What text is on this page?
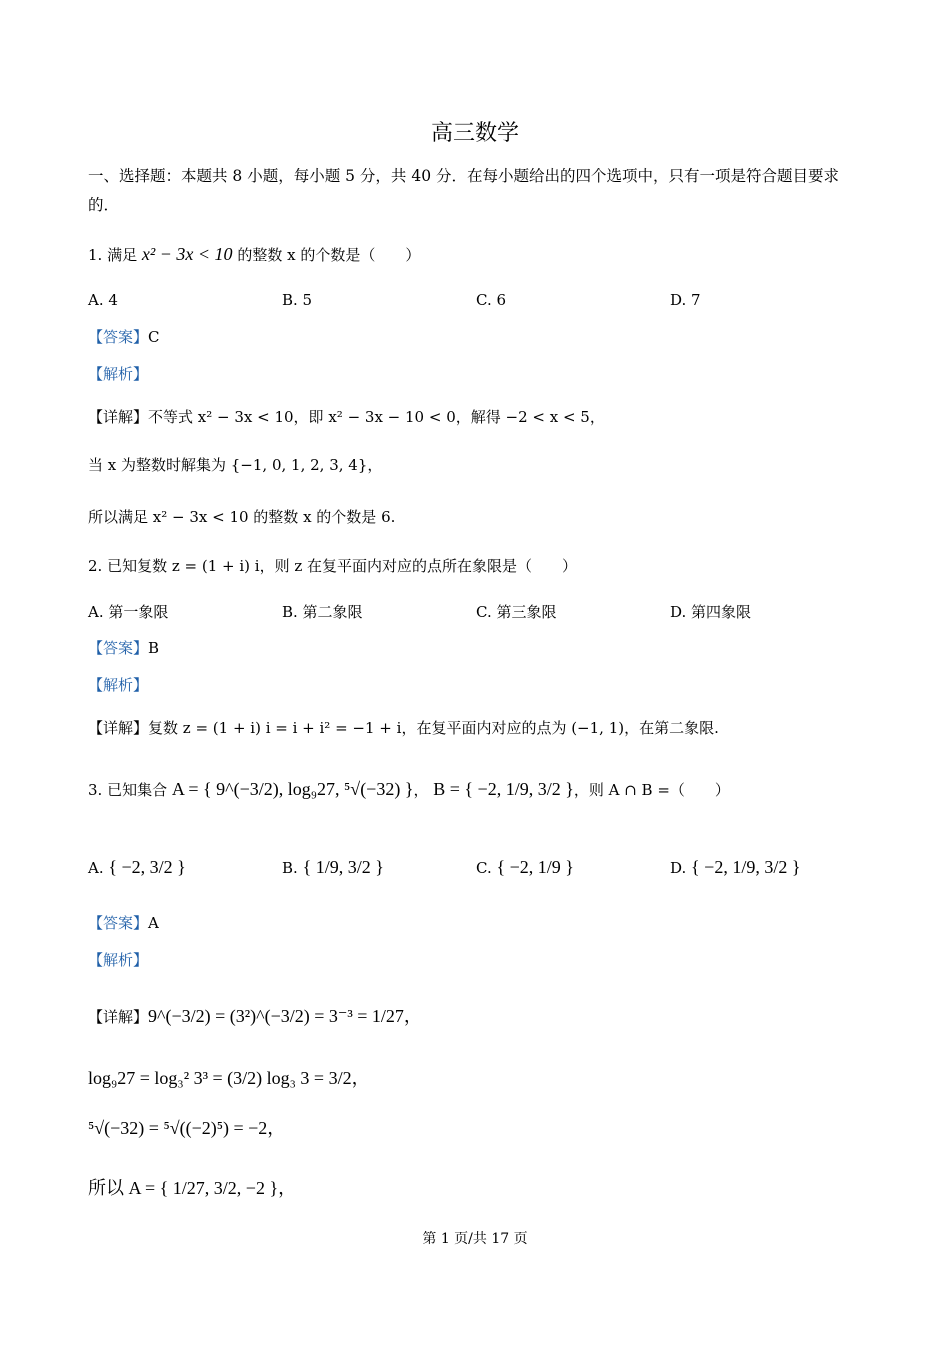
高三数学
一、选择题：本题共 8 小题，每小题 5 分，共 40 分．在每小题给出的四个选项中，只有一项是符合题目要求的．
1. 满足 x² − 3x < 10 的整数 x 的个数是（　　）
A. 4	B. 5	C. 6	D. 7
【答案】C
【解析】
【详解】不等式 x² − 3x < 10，即 x² − 3x − 10 < 0，解得 −2 < x < 5，
当 x 为整数时解集为 {−1, 0, 1, 2, 3, 4}，
所以满足 x² − 3x < 10 的整数 x 的个数是 6.
2. 已知复数 z = (1 + i) i，则 z 在复平面内对应的点所在象限是（　　）
A. 第一象限	B. 第二象限	C. 第三象限	D. 第四象限
【答案】B
【解析】
【详解】复数 z = (1 + i) i = i + i² = −1 + i，在复平面内对应的点为 (−1, 1)，在第二象限.
3. 已知集合 A = { 9^(−3/2), log₉27, ⁵√(−32) }， B = { −2, 1/9, 3/2 }，则 A ∩ B =（　　）
A. { −2, 3/2 }	B. { 1/9, 3/2 }	C. { −2, 1/9 }	D. { −2, 1/9, 3/2 }
【答案】A
【解析】
【详解】9^(−3/2) = (3²)^(−3/2) = 3⁻³ = 1/27，
log₉27 = log₃² 3³ = (3/2) log₃ 3 = 3/2，
⁵√(−32) = ⁵√((−2)⁵) = −2，
所以 A = { 1/27, 3/2, −2 }，
第 1 页/共 17 页
